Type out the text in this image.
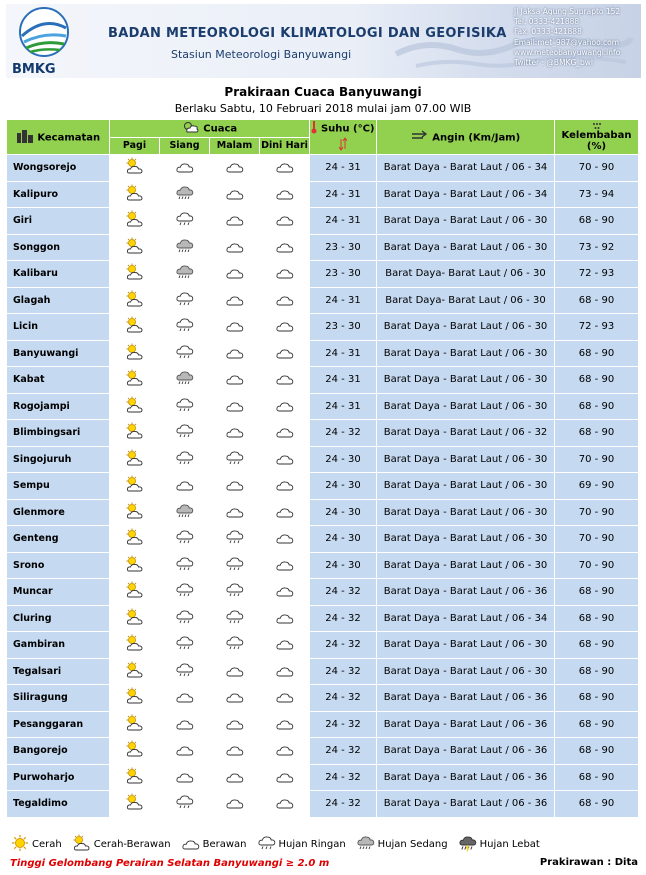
BMKG
BADAN METEOROLOGI KLIMATOLOGI DAN GEOFISIKA
Stasiun Meteorologi Banyuwangi
Jl Jaksa Agung Suprapto 152
Tel. 0333-421888
Fax. 0333-421888
Email:met_987@yahoo.com
www.meteobanyuwangi.info
Twitter : @BMKG_bwi
Prakiraan Cuaca Banyuwangi
Berlaku Sabtu, 10 Februari 2018 mulai jam 07.00 WIB
Kecamatan	Cuaca				Suhu (°C)	Angin (Km/Jam)	Kelembaban (%)
	Pagi	Siang	Malam	Dini Hari			
Wongsorejo					24 - 31	Barat Daya - Barat Laut / 06 - 34	70 - 90
Kalipuro					24 - 31	Barat Daya - Barat Laut / 06 - 34	73 - 94
Giri					24 - 31	Barat Daya - Barat Laut / 06 - 30	68 - 90
Songgon					23 - 30	Barat Daya - Barat Laut / 06 - 30	73 - 92
Kalibaru					23 - 30	Barat Daya- Barat Laut / 06 - 30	72 - 93
Glagah					24 - 31	Barat Daya- Barat Laut / 06 - 30	68 - 90
Licin					23 - 30	Barat Daya - Barat Laut / 06 - 30	72 - 93
Banyuwangi					24 - 31	Barat Daya - Barat Laut / 06 - 30	68 - 90
Kabat					24 - 31	Barat Daya - Barat Laut / 06 - 30	68 - 90
Rogojampi					24 - 31	Barat Daya - Barat Laut / 06 - 30	68 - 90
Blimbingsari					24 - 32	Barat Daya - Barat Laut / 06 - 32	68 - 90
Singojuruh					24 - 30	Barat Daya - Barat Laut / 06 - 30	70 - 90
Sempu					24 - 30	Barat Daya - Barat Laut / 06 - 30	69 - 90
Glenmore					24 - 30	Barat Daya - Barat Laut / 06 - 30	70 - 90
Genteng					24 - 30	Barat Daya - Barat Laut / 06 - 30	70 - 90
Srono					24 - 30	Barat Daya - Barat Laut / 06 - 30	70 - 90
Muncar					24 - 32	Barat Daya - Barat Laut / 06 - 36	68 - 90
Cluring					24 - 32	Barat Daya - Barat Laut / 06 - 34	68 - 90
Gambiran					24 - 32	Barat Daya - Barat Laut / 06 - 30	68 - 90
Tegalsari					24 - 32	Barat Daya - Barat Laut / 06 - 30	68 - 90
Siliragung					24 - 32	Barat Daya - Barat Laut / 06 - 36	68 - 90
Pesanggaran					24 - 32	Barat Daya - Barat Laut / 06 - 36	68 - 90
Bangorejo					24 - 32	Barat Daya - Barat Laut / 06 - 36	68 - 90
Purwoharjo					24 - 32	Barat Daya - Barat Laut / 06 - 36	68 - 90
Tegaldimo					24 - 32	Barat Daya - Barat Laut / 06 - 36	68 - 90
Cerah	Cerah-Berawan	Berawan	Hujan Ringan	Hujan Sedang	Hujan Lebat
Tinggi Gelombang Perairan Selatan Banyuwangi ≥ 2.0 m	Prakirawan : Dita
